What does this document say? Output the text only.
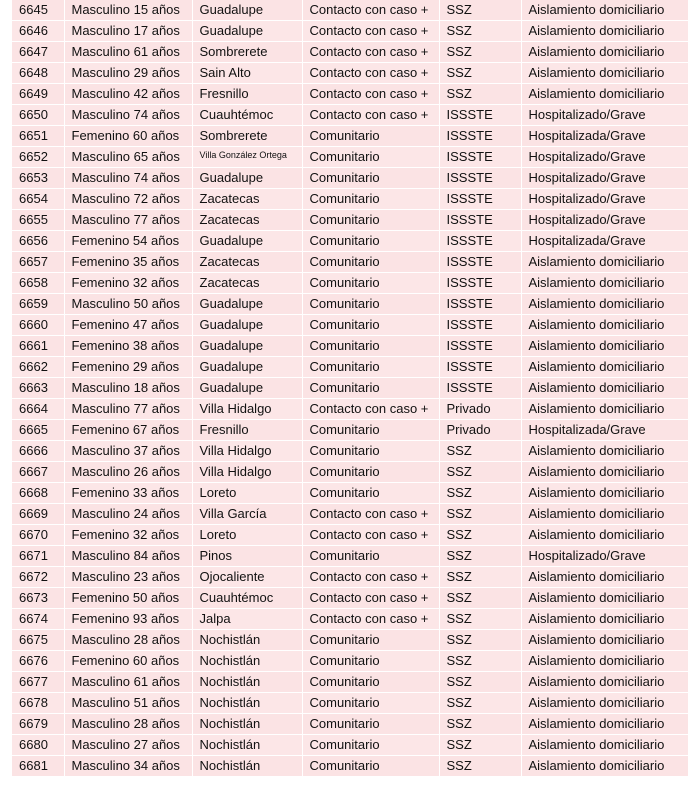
6645	Masculino 15 años	Guadalupe	Contacto con caso +	SSZ	Aislamiento domiciliario
6646	Masculino 17 años	Guadalupe	Contacto con caso +	SSZ	Aislamiento domiciliario
6647	Masculino 61 años	Sombrerete	Contacto con caso +	SSZ	Aislamiento domiciliario
6648	Masculino 29 años	Sain Alto	Contacto con caso +	SSZ	Aislamiento domiciliario
6649	Masculino 42 años	Fresnillo	Contacto con caso +	SSZ	Aislamiento domiciliario
6650	Masculino 74 años	Cuauhtémoc	Contacto con caso +	ISSSTE	Hospitalizado/Grave
6651	Femenino 60 años	Sombrerete	Comunitario	ISSSTE	Hospitalizada/Grave
6652	Masculino 65 años	Villa González Ortega	Comunitario	ISSSTE	Hospitalizado/Grave
6653	Masculino 74 años	Guadalupe	Comunitario	ISSSTE	Hospitalizado/Grave
6654	Masculino 72 años	Zacatecas	Comunitario	ISSSTE	Hospitalizado/Grave
6655	Masculino 77 años	Zacatecas	Comunitario	ISSSTE	Hospitalizado/Grave
6656	Femenino 54 años	Guadalupe	Comunitario	ISSSTE	Hospitalizada/Grave
6657	Femenino 35 años	Zacatecas	Comunitario	ISSSTE	Aislamiento domiciliario
6658	Femenino 32 años	Zacatecas	Comunitario	ISSSTE	Aislamiento domiciliario
6659	Masculino 50 años	Guadalupe	Comunitario	ISSSTE	Aislamiento domiciliario
6660	Femenino 47 años	Guadalupe	Comunitario	ISSSTE	Aislamiento domiciliario
6661	Femenino 38 años	Guadalupe	Comunitario	ISSSTE	Aislamiento domiciliario
6662	Femenino 29 años	Guadalupe	Comunitario	ISSSTE	Aislamiento domiciliario
6663	Masculino 18 años	Guadalupe	Comunitario	ISSSTE	Aislamiento domiciliario
6664	Masculino 77 años	Villa Hidalgo	Contacto con caso +	Privado	Aislamiento domiciliario
6665	Femenino 67 años	Fresnillo	Comunitario	Privado	Hospitalizada/Grave
6666	Masculino 37 años	Villa Hidalgo	Comunitario	SSZ	Aislamiento domiciliario
6667	Masculino 26 años	Villa Hidalgo	Comunitario	SSZ	Aislamiento domiciliario
6668	Femenino 33 años	Loreto	Comunitario	SSZ	Aislamiento domiciliario
6669	Masculino 24 años	Villa García	Contacto con caso +	SSZ	Aislamiento domiciliario
6670	Femenino 32 años	Loreto	Contacto con caso +	SSZ	Aislamiento domiciliario
6671	Masculino 84 años	Pinos	Comunitario	SSZ	Hospitalizado/Grave
6672	Masculino 23 años	Ojocaliente	Contacto con caso +	SSZ	Aislamiento domiciliario
6673	Femenino 50 años	Cuauhtémoc	Contacto con caso +	SSZ	Aislamiento domiciliario
6674	Femenino 93 años	Jalpa	Contacto con caso +	SSZ	Aislamiento domiciliario
6675	Masculino 28 años	Nochistlán	Comunitario	SSZ	Aislamiento domiciliario
6676	Femenino 60 años	Nochistlán	Comunitario	SSZ	Aislamiento domiciliario
6677	Masculino 61 años	Nochistlán	Comunitario	SSZ	Aislamiento domiciliario
6678	Masculino 51 años	Nochistlán	Comunitario	SSZ	Aislamiento domiciliario
6679	Masculino 28 años	Nochistlán	Comunitario	SSZ	Aislamiento domiciliario
6680	Masculino 27 años	Nochistlán	Comunitario	SSZ	Aislamiento domiciliario
6681	Masculino 34 años	Nochistlán	Comunitario	SSZ	Aislamiento domiciliario
